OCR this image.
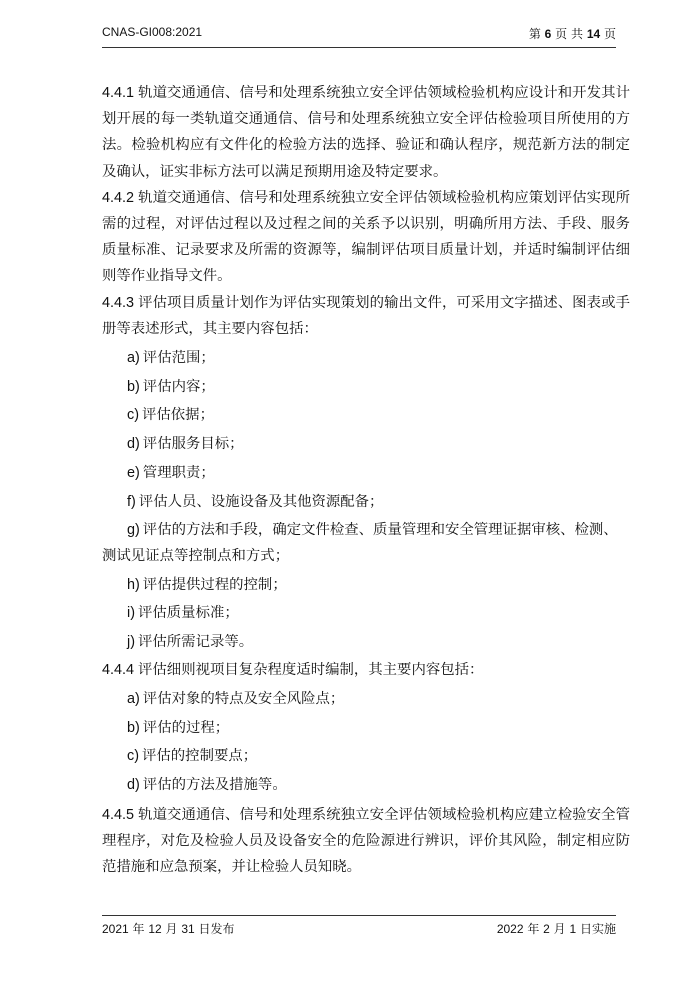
CNAS-GI008:2021	第 6 页 共 14 页

4.4.1 轨道交通通信、信号和处理系统独立安全评估领域检验机构应设计和开发其计划开展的每一类轨道交通通信、信号和处理系统独立安全评估检验项目所使用的方法。检验机构应有文件化的检验方法的选择、验证和确认程序，规范新方法的制定及确认，证实非标方法可以满足预期用途及特定要求。

4.4.2 轨道交通通信、信号和处理系统独立安全评估领域检验机构应策划评估实现所需的过程，对评估过程以及过程之间的关系予以识别，明确所用方法、手段、服务质量标准、记录要求及所需的资源等，编制评估项目质量计划，并适时编制评估细则等作业指导文件。

4.4.3 评估项目质量计划作为评估实现策划的输出文件，可采用文字描述、图表或手册等表述形式，其主要内容包括：

a) 评估范围；

b) 评估内容；

c) 评估依据；

d) 评估服务目标；

e) 管理职责；

f) 评估人员、设施设备及其他资源配备；

g) 评估的方法和手段，确定文件检查、质量管理和安全管理证据审核、检测、测试见证点等控制点和方式；

h) 评估提供过程的控制；

i) 评估质量标准；

j) 评估所需记录等。

4.4.4 评估细则视项目复杂程度适时编制，其主要内容包括：

a) 评估对象的特点及安全风险点；

b) 评估的过程；

c) 评估的控制要点；

d) 评估的方法及措施等。

4.4.5 轨道交通通信、信号和处理系统独立安全评估领域检验机构应建立检验安全管理程序，对危及检验人员及设备安全的危险源进行辨识，评价其风险，制定相应防范措施和应急预案，并让检验人员知晓。

2021 年 12 月 31 日发布	2022 年 2 月 1 日实施
